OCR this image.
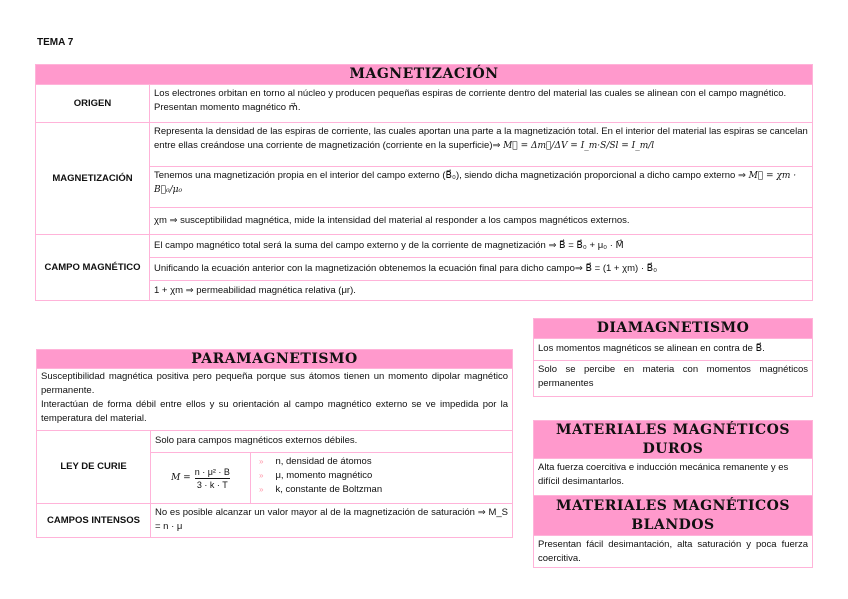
TEMA 7
MAGNETIZACIÓN
ORIGEN
Los electrones orbitan en torno al núcleo y producen pequeñas espiras de corriente dentro del material las cuales se alinean con el campo magnético. Presentan momento magnético m⃗.
MAGNETIZACIÓN
Representa la densidad de las espiras de corriente, las cuales aportan una parte a la magnetización total. En el interior del material las espiras se cancelan entre ellas creándose una corriente de magnetización (corriente en la superficie)⇒ M⃗ = Δm⃗/ΔV = I_m·S/Sl = I_m/l
Tenemos una magnetización propia en el interior del campo externo (B⃗₀), siendo dicha magnetización proporcional a dicho campo externo ⇒ M⃗ = χm · B⃗₀/μ₀
χm ⇒ susceptibilidad magnética, mide la intensidad del material al responder a los campos magnéticos externos.
CAMPO MAGNÉTICO
El campo magnético total será la suma del campo externo y de la corriente de magnetización ⇒ B⃗ = B⃗₀ + μ₀ · M⃗
Unificando la ecuación anterior con la magnetización obtenemos la ecuación final para dicho campo⇒ B⃗ = (1 + χm) · B⃗₀
1 + χm ⇒ permeabilidad magnética relativa (μr).
PARAMAGNETISMO
Susceptibilidad magnética positiva pero pequeña porque sus átomos tienen un momento dipolar magnético permanente.
Interactúan de forma débil entre ellos y su orientación al campo magnético externo se ve impedida por la temperatura del material.
LEY DE CURIE
Solo para campos magnéticos externos débiles.
$M = \frac{\text{n · μ² · B}}{3 \cdot k \cdot T}$
» n, densidad de átomos
» μ, momento magnético
» k, constante de Boltzman
CAMPOS INTENSOS
No es posible alcanzar un valor mayor al de la magnetización de saturación ⇒ M_S = n · μ
DIAMAGNETISMO
Los momentos magnéticos se alinean en contra de B⃗.
Solo se percibe en materia con momentos magnéticos permanentes
MATERIALES MAGNÉTICOS DUROS
Alta fuerza coercitiva e inducción mecánica remanente y es difícil desimantarlos.
MATERIALES MAGNÉTICOS BLANDOS
Presentan fácil desimantación, alta saturación y poca fuerza coercitiva.
